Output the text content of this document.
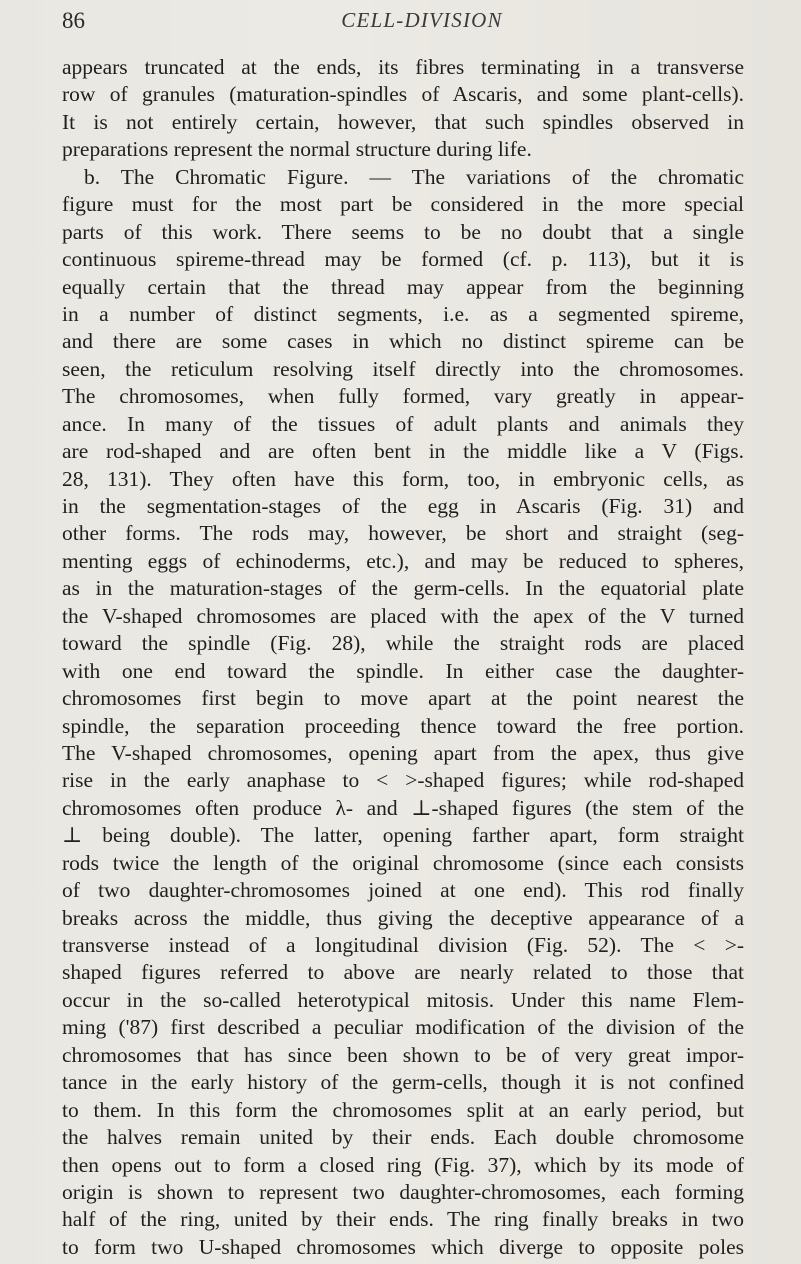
86	CELL-DIVISION
appears truncated at the ends, its fibres terminating in a transverse
row of granules (maturation-spindles of Ascaris, and some plant-cells).
It is not entirely certain, however, that such spindles observed in
preparations represent the normal structure during life.
b. The Chromatic Figure. — The variations of the chromatic
figure must for the most part be considered in the more special
parts of this work. There seems to be no doubt that a single
continuous spireme-thread may be formed (cf. p. 113), but it is
equally certain that the thread may appear from the beginning
in a number of distinct segments, i.e. as a segmented spireme,
and there are some cases in which no distinct spireme can be
seen, the reticulum resolving itself directly into the chromosomes.
The chromosomes, when fully formed, vary greatly in appear-
ance. In many of the tissues of adult plants and animals they
are rod-shaped and are often bent in the middle like a V (Figs.
28, 131). They often have this form, too, in embryonic cells, as
in the segmentation-stages of the egg in Ascaris (Fig. 31) and
other forms. The rods may, however, be short and straight (seg-
menting eggs of echinoderms, etc.), and may be reduced to spheres,
as in the maturation-stages of the germ-cells. In the equatorial plate
the V-shaped chromosomes are placed with the apex of the V turned
toward the spindle (Fig. 28), while the straight rods are placed
with one end toward the spindle. In either case the daughter-
chromosomes first begin to move apart at the point nearest the
spindle, the separation proceeding thence toward the free portion.
The V-shaped chromosomes, opening apart from the apex, thus give
rise in the early anaphase to < >-shaped figures; while rod-shaped
chromosomes often produce λ- and ⊥-shaped figures (the stem of the
⊥ being double). The latter, opening farther apart, form straight
rods twice the length of the original chromosome (since each consists
of two daughter-chromosomes joined at one end). This rod finally
breaks across the middle, thus giving the deceptive appearance of a
transverse instead of a longitudinal division (Fig. 52). The < >-
shaped figures referred to above are nearly related to those that
occur in the so-called heterotypical mitosis. Under this name Flem-
ming ('87) first described a peculiar modification of the division of the
chromosomes that has since been shown to be of very great impor-
tance in the early history of the germ-cells, though it is not confined
to them. In this form the chromosomes split at an early period, but
the halves remain united by their ends. Each double chromosome
then opens out to form a closed ring (Fig. 37), which by its mode of
origin is shown to represent two daughter-chromosomes, each forming
half of the ring, united by their ends. The ring finally breaks in two
to form two U-shaped chromosomes which diverge to opposite poles
